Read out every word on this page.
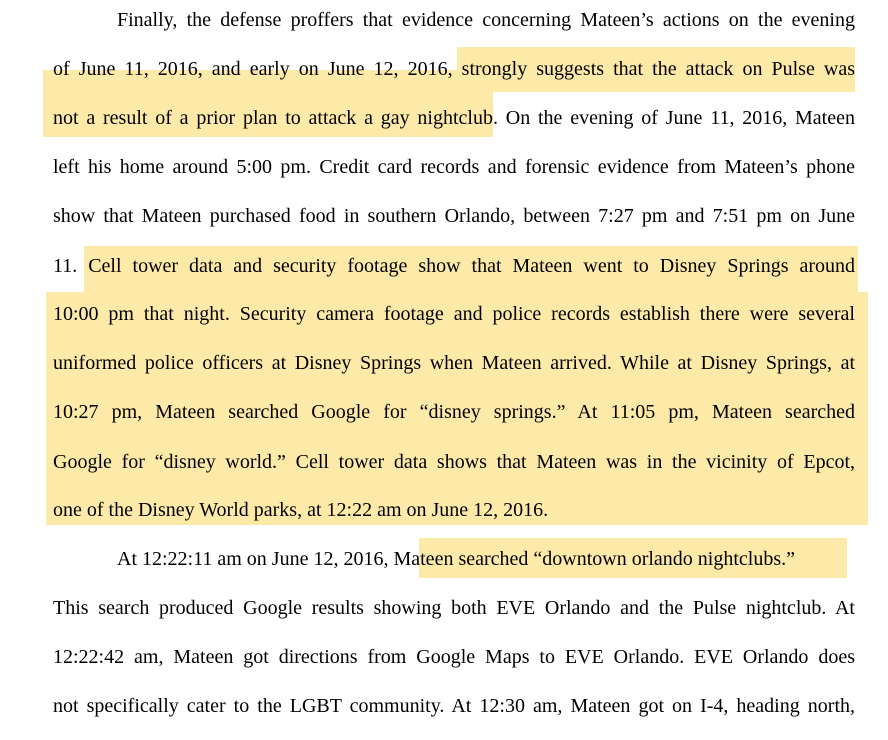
Finally, the defense proffers that evidence concerning Mateen’s actions on the evening
of June 11, 2016, and early on June 12, 2016, strongly suggests that the attack on Pulse was
not a result of a prior plan to attack a gay nightclub. On the evening of June 11, 2016, Mateen
left his home around 5:00 pm. Credit card records and forensic evidence from Mateen’s phone
show that Mateen purchased food in southern Orlando, between 7:27 pm and 7:51 pm on June
11. Cell tower data and security footage show that Mateen went to Disney Springs around
10:00 pm that night. Security camera footage and police records establish there were several
uniformed police officers at Disney Springs when Mateen arrived. While at Disney Springs, at
10:27 pm, Mateen searched Google for “disney springs.” At 11:05 pm, Mateen searched
Google for “disney world.” Cell tower data shows that Mateen was in the vicinity of Epcot,
one of the Disney World parks, at 12:22 am on June 12, 2016.
At 12:22:11 am on June 12, 2016, Mateen searched “downtown orlando nightclubs.”
This search produced Google results showing both EVE Orlando and the Pulse nightclub. At
12:22:42 am, Mateen got directions from Google Maps to EVE Orlando. EVE Orlando does
not specifically cater to the LGBT community. At 12:30 am, Mateen got on I-4, heading north,
